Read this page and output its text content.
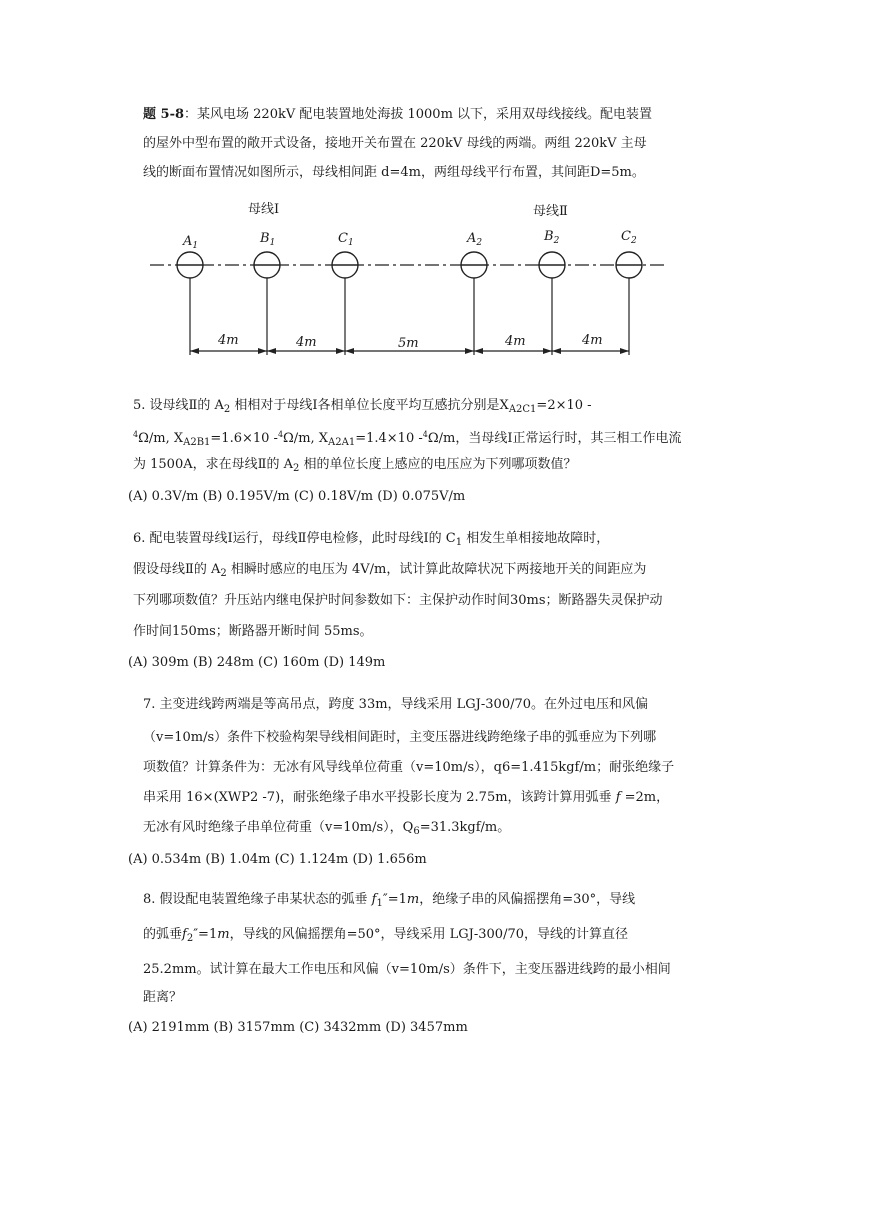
题 5-8：某风电场 220kV 配电装置地处海拔 1000m 以下，采用双母线接线。配电装置
的屋外中型布置的敞开式设备，接地开关布置在 220kV 母线的两端。两组 220kV 主母
线的断面布置情况如图所示，母线相间距 d=4m，两组母线平行布置，其间距D=5m。
母线Ⅰ	母线Ⅱ
$A_1$	$B_1$	$C_1$	$A_2$	$B_2$	$C_2$
4m	4m	5m	4m	4m
5. 设母线Ⅱ的 $A_2$ 相相对于母线Ⅰ各相单位长度平均互感抗分别是$X_{A2C1}=2\times 10$ -
$^4$Ω/m, $X_{A2B1}=1.6\times 10$ -$^4$Ω/m, $X_{A2A1}=1.4\times 10$ -$^4$Ω/m，当母线Ⅰ正常运行时，其三相工作电流
为 1500A，求在母线Ⅱ的 $A_2$ 相的单位长度上感应的电压应为下列哪项数值？
(A) 0.3V/m (B) 0.195V/m (C) 0.18V/m (D) 0.075V/m
6. 配电装置母线Ⅰ运行，母线Ⅱ停电检修，此时母线Ⅰ的 $C_1$ 相发生单相接地故障时，
假设母线Ⅱ的 $A_2$ 相瞬时感应的电压为 4V/m，试计算此故障状况下两接地开关的间距应为
下列哪项数值？升压站内继电保护时间参数如下：主保护动作时间30ms；断路器失灵保护动
作时间150ms；断路器开断时间 55ms。
(A) 309m (B) 248m (C) 160m (D) 149m
7. 主变进线跨两端是等高吊点，跨度 33m，导线采用 LGJ-300/70。在外过电压和风偏
（v=10m/s）条件下校验构架导线相间距时，主变压器进线跨绝缘子串的弧垂应为下列哪
项数值？计算条件为：无冰有风导线单位荷重（v=10m/s），q6=1.415kgf/m；耐张绝缘子
串采用 16×(XWP2 -7)，耐张绝缘子串水平投影长度为 2.75m，该跨计算用弧垂 f =2m，
无冰有风时绝缘子串单位荷重（v=10m/s），$Q_6=31.3kgf/m$。
(A) 0.534m (B) 1.04m (C) 1.124m (D) 1.656m
8. 假设配电装置绝缘子串某状态的弧垂 $f_1''=1m$，绝缘子串的风偏摇摆角=30°，导线
的弧垂$f_2''=1m$，导线的风偏摇摆角=50°，导线采用 LGJ-300/70，导线的计算直径
25.2mm。试计算在最大工作电压和风偏（v=10m/s）条件下，主变压器进线跨的最小相间
距离？
(A) 2191mm (B) 3157mm (C) 3432mm (D) 3457mm
